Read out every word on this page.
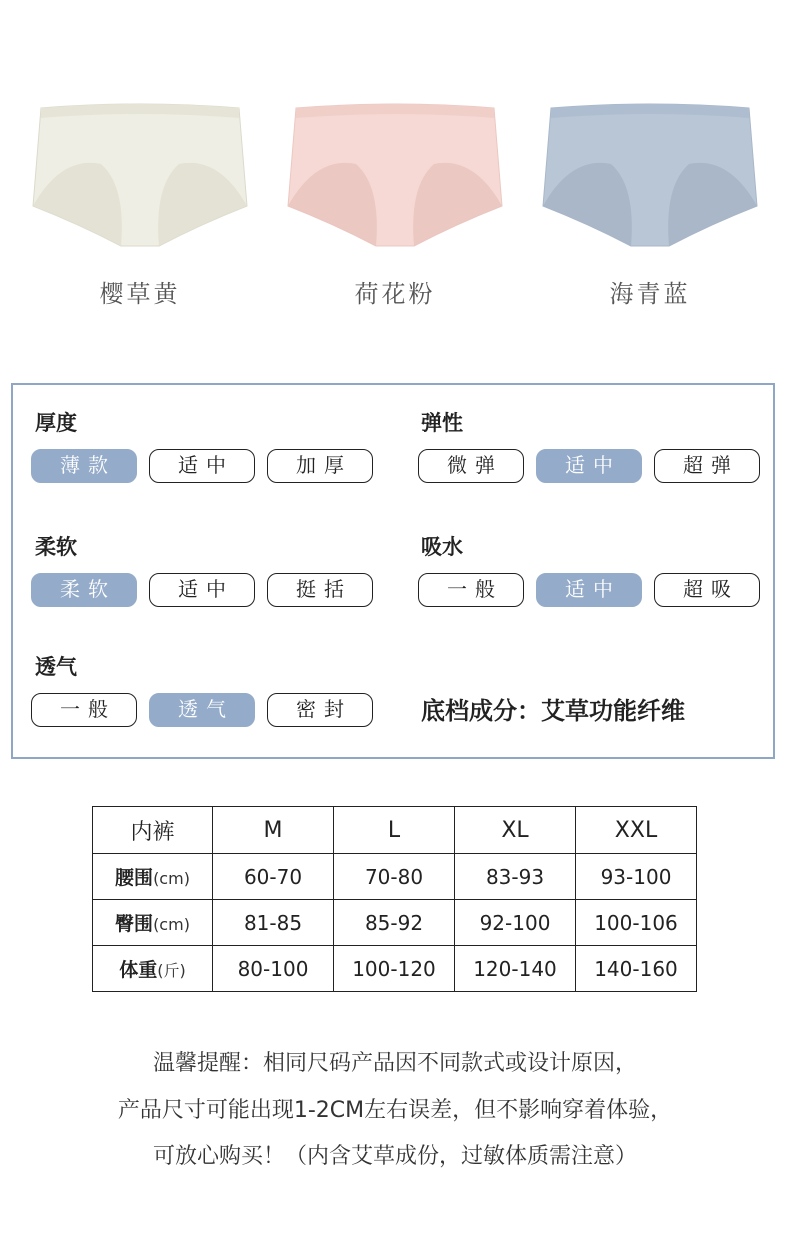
樱草黄	荷花粉	海青蓝
厚度
薄款	适中	加厚
弹性
微弹	适中	超弹
柔软
柔软	适中	挺括
吸水
一般	适中	超吸
透气
一般	透气	密封	底档成分：艾草功能纤维
内裤	M	L	XL	XXL
腰围(cm)	60-70	70-80	83-93	93-100
臀围(cm)	81-85	85-92	92-100	100-106
体重(斤)	80-100	100-120	120-140	140-160
温馨提醒：相同尺码产品因不同款式或设计原因，
产品尺寸可能出现1-2CM左右误差，但不影响穿着体验，
可放心购买！（内含艾草成份，过敏体质需注意）
